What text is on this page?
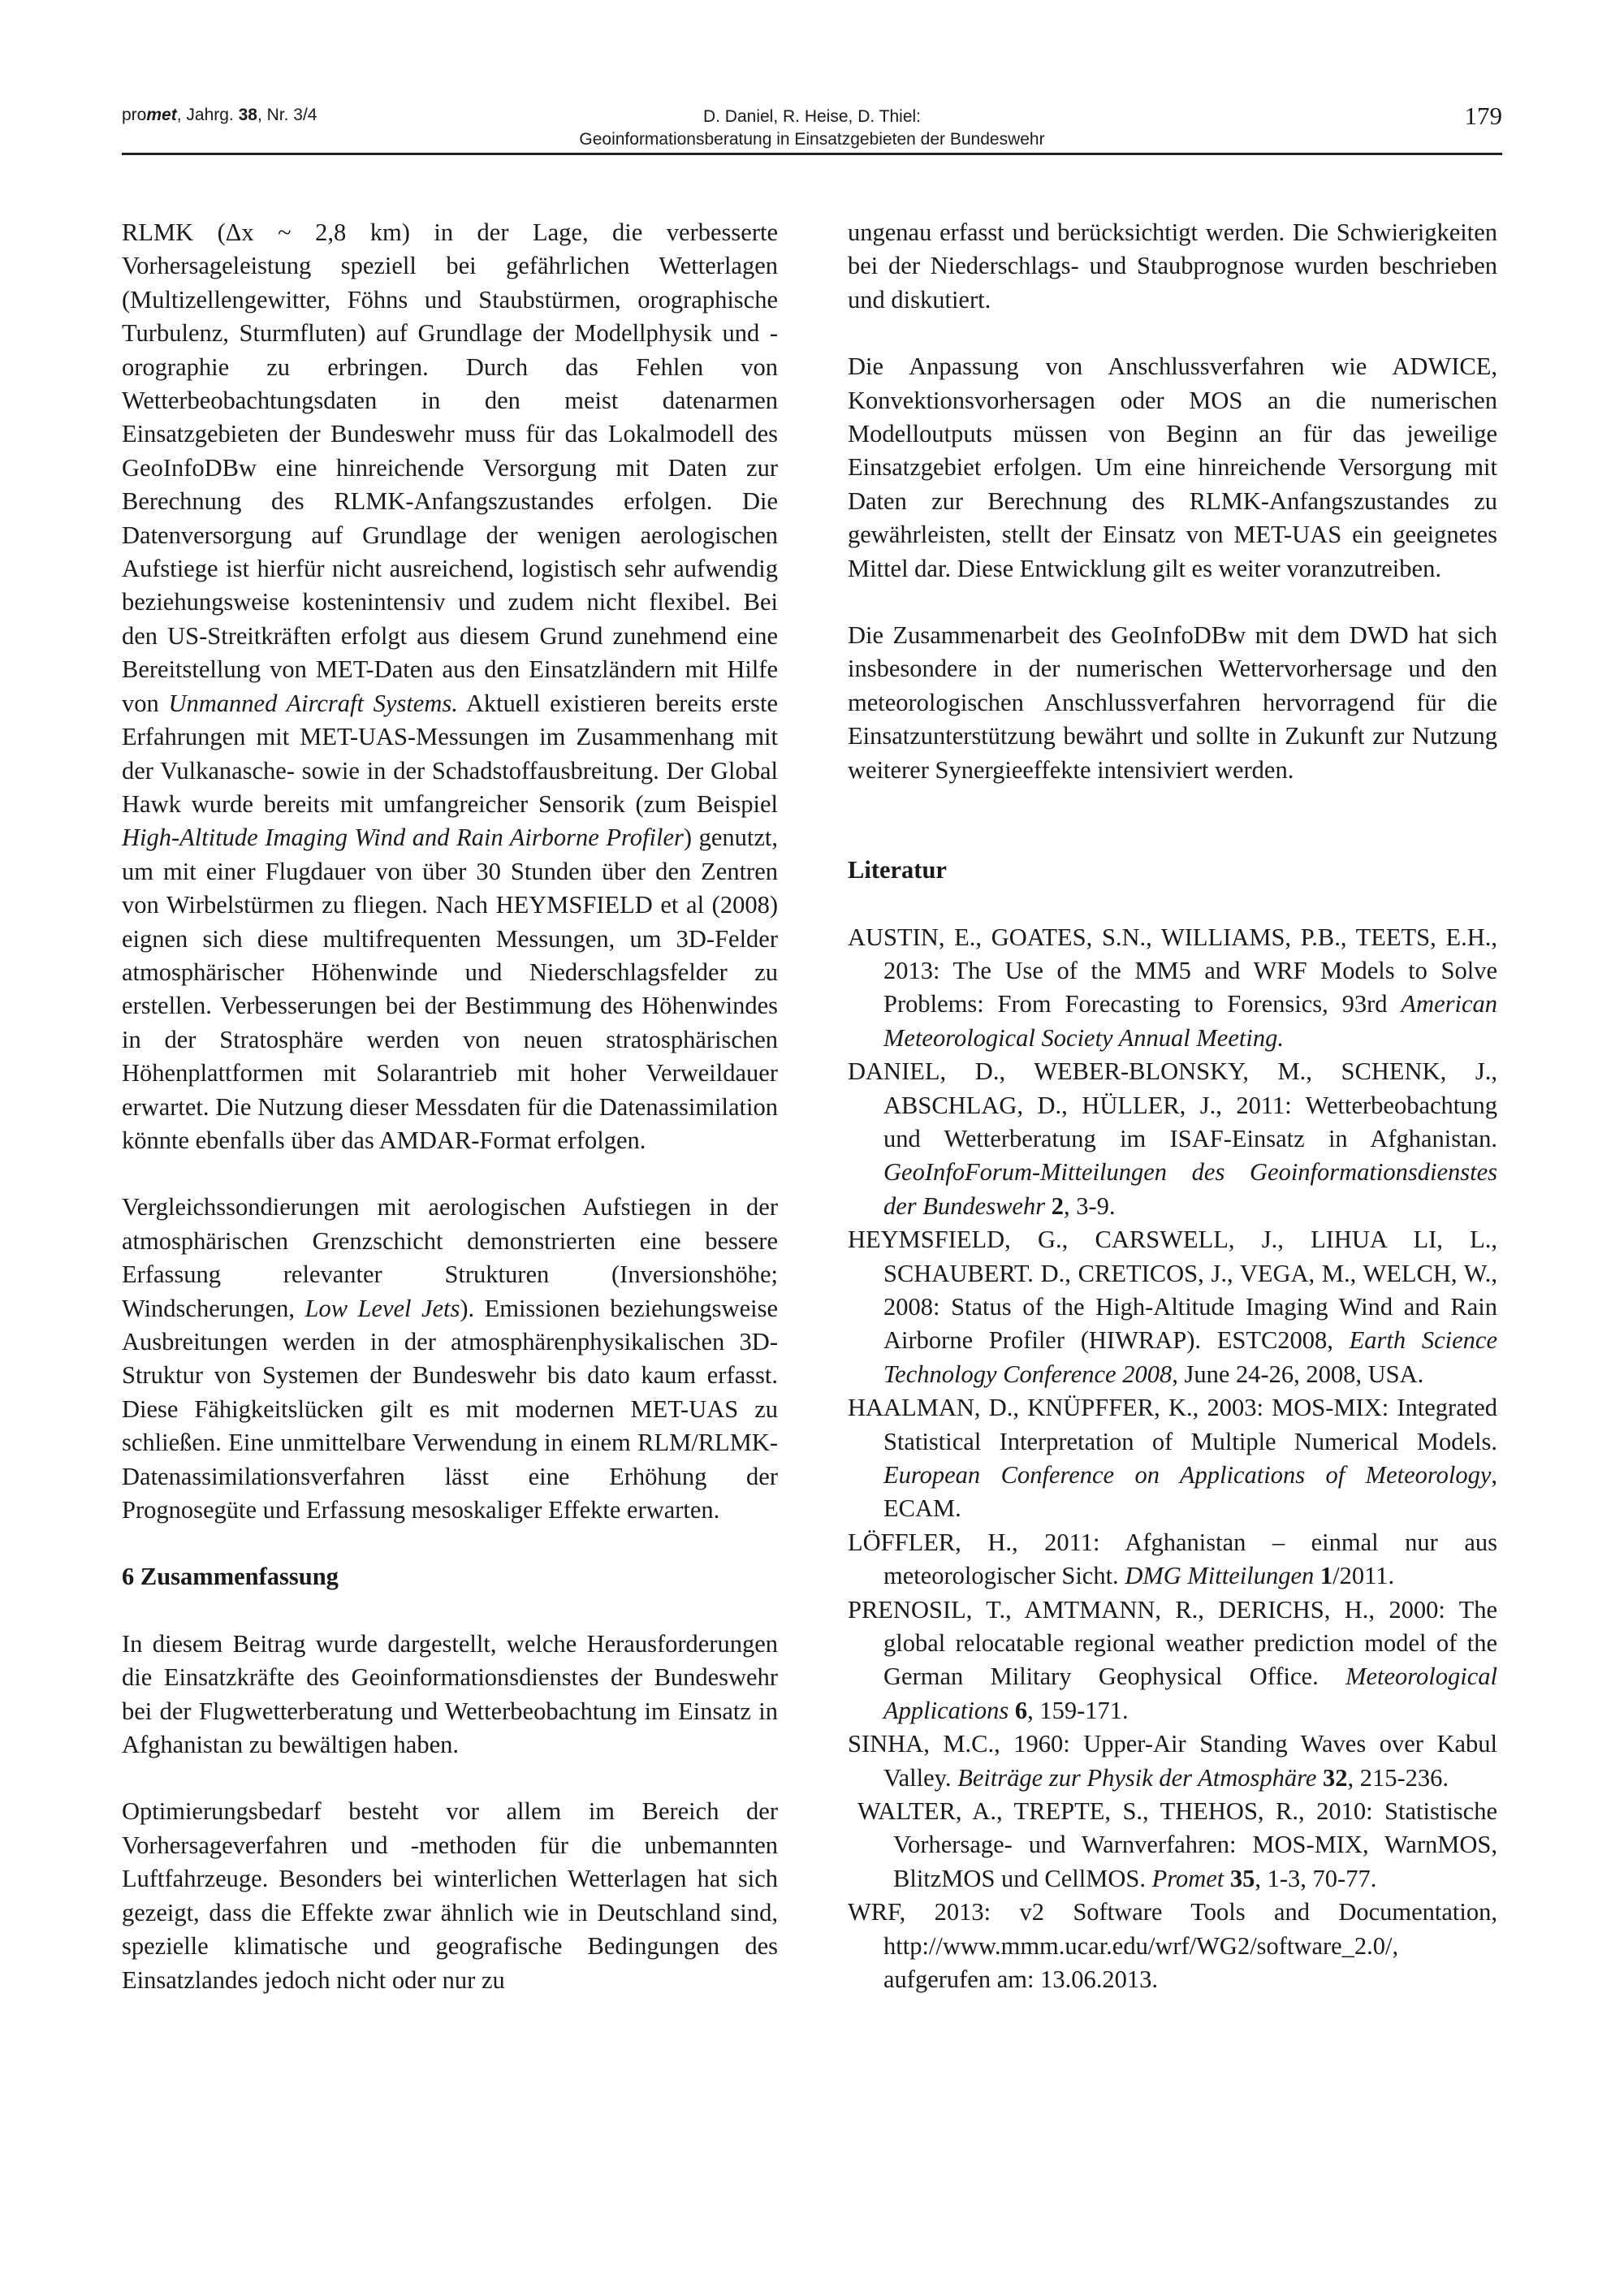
promet, Jahrg. 38, Nr. 3/4	D. Daniel, R. Heise, D. Thiel:
Geoinformationsberatung in Einsatzgebieten der Bundeswehr
179

RLMK (Δx ~ 2,8 km) in der Lage, die verbesserte Vorhersageleistung speziell bei gefährlichen Wetterlagen (Multizellengewitter, Föhns und Staubstürmen, orographische Turbulenz, Sturmfluten) auf Grundlage der Modellphysik und -orographie zu erbringen. Durch das Fehlen von Wetterbeobachtungsdaten in den meist datenarmen Einsatzgebieten der Bundeswehr muss für das Lokalmodell des GeoInfoDBw eine hinreichende Versorgung mit Daten zur Berechnung des RLMK-Anfangszustandes erfolgen. Die Datenversorgung auf Grundlage der wenigen aerologischen Aufstiege ist hierfür nicht ausreichend, logistisch sehr aufwendig beziehungsweise kostenintensiv und zudem nicht flexibel. Bei den US-Streitkräften erfolgt aus diesem Grund zunehmend eine Bereitstellung von MET-Daten aus den Einsatzländern mit Hilfe von Unmanned Aircraft Systems. Aktuell existieren bereits erste Erfahrungen mit MET-UAS-Messungen im Zusammenhang mit der Vulkanasche- sowie in der Schadstoffausbreitung. Der Global Hawk wurde bereits mit umfangreicher Sensorik (zum Beispiel High-Altitude Imaging Wind and Rain Airborne Profiler) genutzt, um mit einer Flugdauer von über 30 Stunden über den Zentren von Wirbelstürmen zu fliegen. Nach HEYMSFIELD et al (2008) eignen sich diese multifrequenten Messungen, um 3D-Felder atmosphärischer Höhenwinde und Niederschlagsfelder zu erstellen. Verbesserungen bei der Bestimmung des Höhenwindes in der Stratosphäre werden von neuen stratosphärischen Höhenplattformen mit Solarantrieb mit hoher Verweildauer erwartet. Die Nutzung dieser Messdaten für die Datenassimilation könnte ebenfalls über das AMDAR-Format erfolgen.

Vergleichssondierungen mit aerologischen Aufstiegen in der atmosphärischen Grenzschicht demonstrierten eine bessere Erfassung relevanter Strukturen (Inversionshöhe; Windscherungen, Low Level Jets). Emissionen beziehungsweise Ausbreitungen werden in der atmosphärenphysikalischen 3D-Struktur von Systemen der Bundeswehr bis dato kaum erfasst. Diese Fähigkeitslücken gilt es mit modernen MET-UAS zu schließen. Eine unmittelbare Verwendung in einem RLM/RLMK-Datenassimilationsverfahren lässt eine Erhöhung der Prognosegüte und Erfassung mesoskaliger Effekte erwarten.

6 Zusammenfassung

In diesem Beitrag wurde dargestellt, welche Herausforderungen die Einsatzkräfte des Geoinformationsdienstes der Bundeswehr bei der Flugwetterberatung und Wetterbeobachtung im Einsatz in Afghanistan zu bewältigen haben.

Optimierungsbedarf besteht vor allem im Bereich der Vorhersageverfahren und -methoden für die unbemannten Luftfahrzeuge. Besonders bei winterlichen Wetterlagen hat sich gezeigt, dass die Effekte zwar ähnlich wie in Deutschland sind, spezielle klimatische und geografische Bedingungen des Einsatzlandes jedoch nicht oder nur zu

ungenau erfasst und berücksichtigt werden. Die Schwierigkeiten bei der Niederschlags- und Staubprognose wurden beschrieben und diskutiert.

Die Anpassung von Anschlussverfahren wie ADWICE, Konvektionsvorhersagen oder MOS an die numerischen Modelloutputs müssen von Beginn an für das jeweilige Einsatzgebiet erfolgen. Um eine hinreichende Versorgung mit Daten zur Berechnung des RLMK-Anfangszustandes zu gewährleisten, stellt der Einsatz von MET-UAS ein geeignetes Mittel dar. Diese Entwicklung gilt es weiter voranzutreiben.

Die Zusammenarbeit des GeoInfoDBw mit dem DWD hat sich insbesondere in der numerischen Wettervorhersage und den meteorologischen Anschlussverfahren hervorragend für die Einsatzunterstützung bewährt und sollte in Zukunft zur Nutzung weiterer Synergieeffekte intensiviert werden.

Literatur
AUSTIN, E., GOATES, S.N., WILLIAMS, P.B., TEETS, E.H., 2013: The Use of the MM5 and WRF Models to Solve Problems: From Forecasting to Forensics, 93rd American Meteorological Society Annual Meeting.
DANIEL, D., WEBER-BLONSKY, M., SCHENK, J., ABSCHLAG, D., HÜLLER, J., 2011: Wetterbeobachtung und Wetterberatung im ISAF-Einsatz in Afghanistan. GeoInfoForum-Mitteilungen des Geoinformationsdienstes der Bundeswehr 2, 3-9.
HEYMSFIELD, G., CARSWELL, J., LIHUA LI, L., SCHAUBERT. D., CRETICOS, J., VEGA, M., WELCH, W., 2008: Status of the High-Altitude Imaging Wind and Rain Airborne Profiler (HIWRAP). ESTC2008, Earth Science Technology Conference 2008, June 24-26, 2008, USA.
HAALMAN, D., KNÜPFFER, K., 2003: MOS-MIX: Integrated Statistical Interpretation of Multiple Numerical Models. European Conference on Applications of Meteorology, ECAM.
LÖFFLER, H., 2011: Afghanistan – einmal nur aus meteorologischer Sicht. DMG Mitteilungen 1/2011.
PRENOSIL, T., AMTMANN, R., DERICHS, H., 2000: The global relocatable regional weather prediction model of the German Military Geophysical Office. Meteorological Applications 6, 159-171.
SINHA, M.C., 1960: Upper-Air Standing Waves over Kabul Valley. Beiträge zur Physik der Atmosphäre 32, 215-236.
WALTER, A., TREPTE, S., THEHOS, R., 2010: Statistische Vorhersage- und Warnverfahren: MOS-MIX, WarnMOS, BlitzMOS und CellMOS. Promet 35, 1-3, 70-77.
WRF, 2013: v2 Software Tools and Documentation, http://www.mmm.ucar.edu/wrf/WG2/software_2.0/, aufgerufen am: 13.06.2013.
